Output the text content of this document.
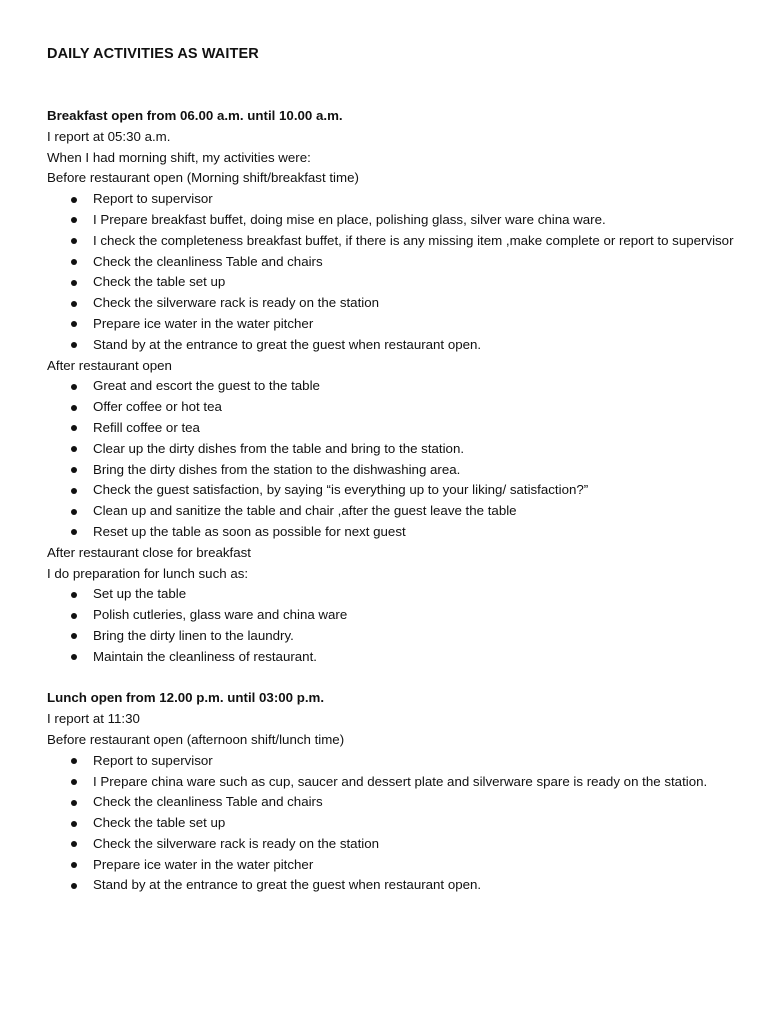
DAILY ACTIVITIES AS WAITER
Breakfast open from 06.00 a.m. until 10.00 a.m.
I report at 05:30 a.m.
When I had morning shift, my activities were:
Before restaurant open (Morning shift/breakfast time)
Report to supervisor
I Prepare breakfast buffet, doing mise en place, polishing glass, silver ware china ware.
I check the completeness breakfast buffet, if there is any missing item ,make complete or report to supervisor
Check the cleanliness Table and chairs
Check the table set up
Check the silverware rack is ready on the station
Prepare ice water in the water pitcher
Stand by at the entrance to great the guest when restaurant open.
After restaurant open
Great and escort the guest to the table
Offer coffee or hot tea
Refill coffee or tea
Clear up the dirty dishes from the table and bring to the station.
Bring the dirty dishes from the station to the dishwashing area.
Check the guest satisfaction, by saying “is everything up to your liking/ satisfaction?”
Clean up and sanitize the table and chair ,after the guest leave the table
Reset up the table as soon as possible for next guest
After restaurant close for breakfast
I do preparation for lunch such as:
Set up the table
Polish cutleries, glass ware and china ware
Bring the dirty linen to the laundry.
Maintain the cleanliness of restaurant.
Lunch open from 12.00 p.m. until 03:00 p.m.
I report at 11:30
Before restaurant open (afternoon shift/lunch time)
Report to supervisor
I Prepare china ware such as cup, saucer and dessert plate and silverware spare is ready on the station.
Check the cleanliness Table and chairs
Check the table set up
Check the silverware rack is ready on the station
Prepare ice water in the water pitcher
Stand by at the entrance to great the guest when restaurant open.
